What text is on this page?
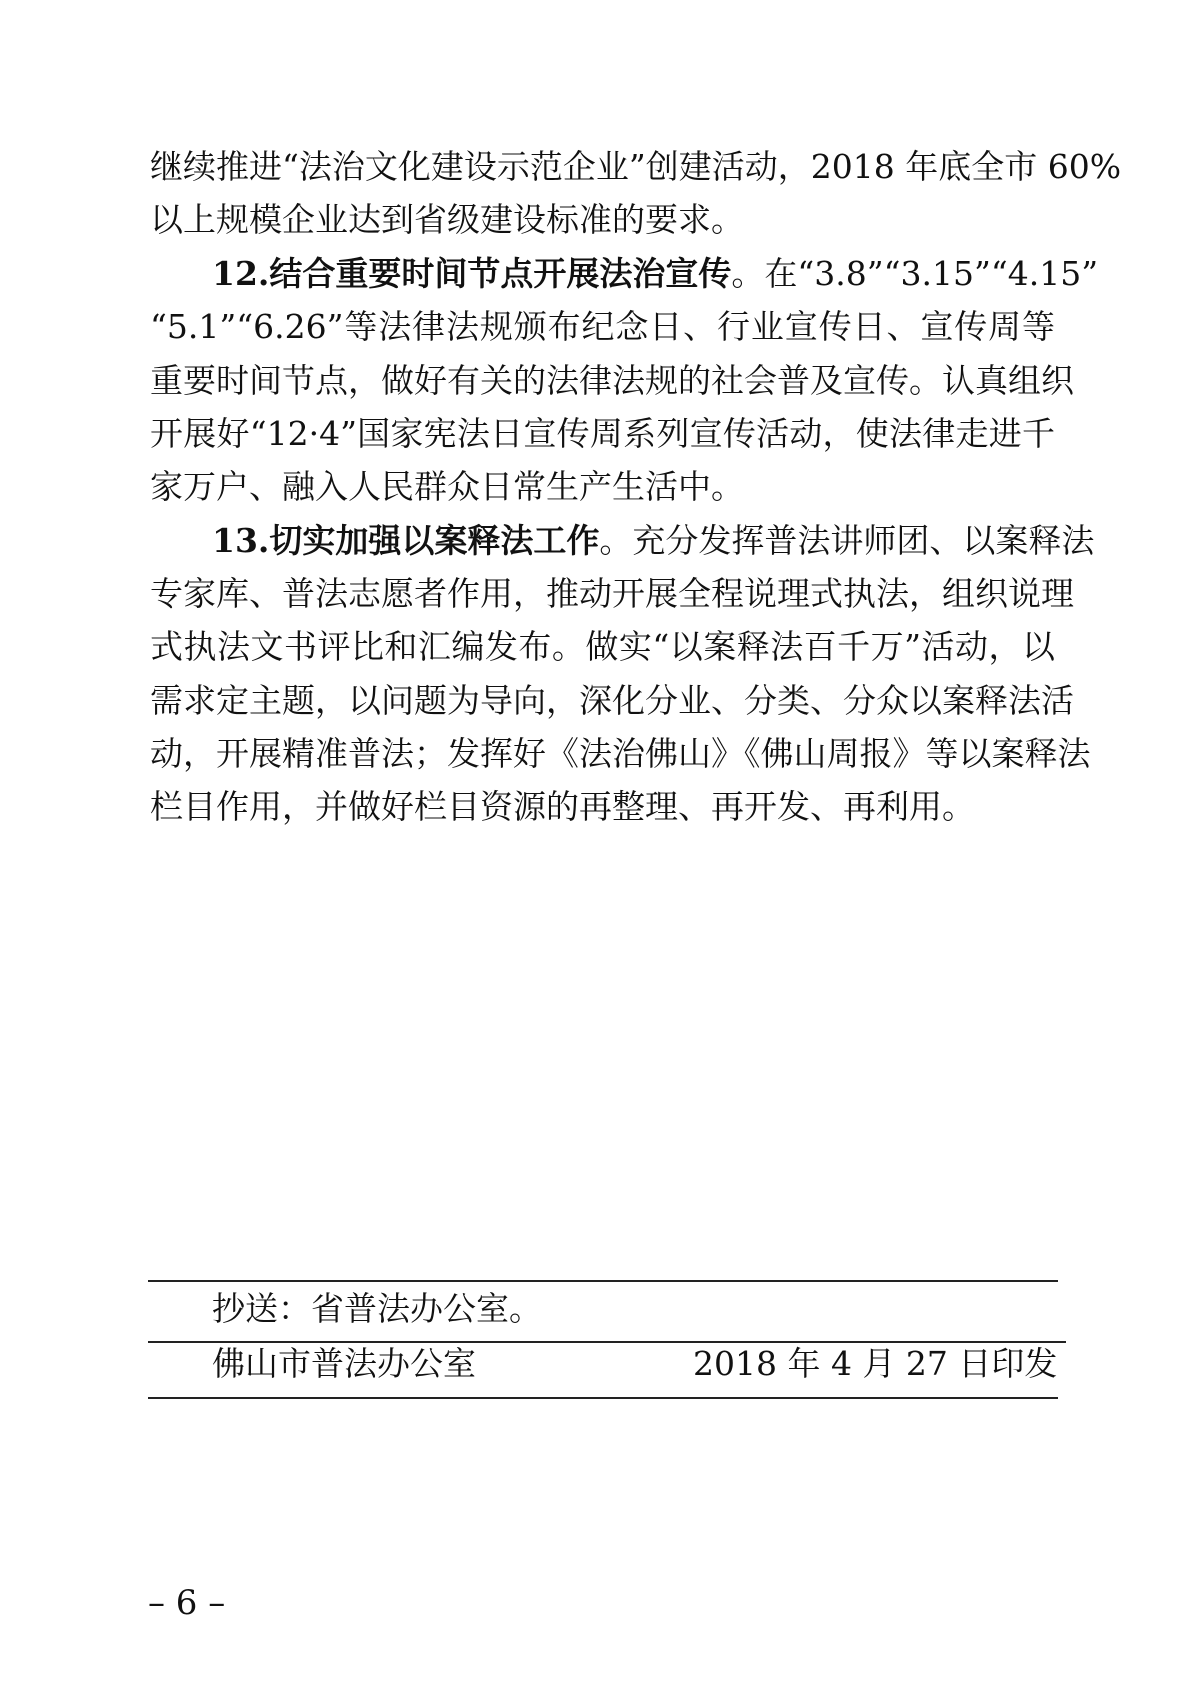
继续推进“法治文化建设示范企业”创建活动，2018 年底全市 60%
以上规模企业达到省级建设标准的要求。
12.结合重要时间节点开展法治宣传。在“3.8”“3.15”“4.15”
“5.1”“6.26”等法律法规颁布纪念日、行业宣传日、宣传周等
重要时间节点，做好有关的法律法规的社会普及宣传。认真组织
开展好“12·4”国家宪法日宣传周系列宣传活动，使法律走进千
家万户、融入人民群众日常生产生活中。
13.切实加强以案释法工作。充分发挥普法讲师团、以案释法
专家库、普法志愿者作用，推动开展全程说理式执法，组织说理
式执法文书评比和汇编发布。做实“以案释法百千万”活动，以
需求定主题，以问题为导向，深化分业、分类、分众以案释法活
动，开展精准普法；发挥好《法治佛山》《佛山周报》等以案释法
栏目作用，并做好栏目资源的再整理、再开发、再利用。
抄送：省普法办公室。
佛山市普法办公室	2018 年 4 月 27 日印发
– 6 –
